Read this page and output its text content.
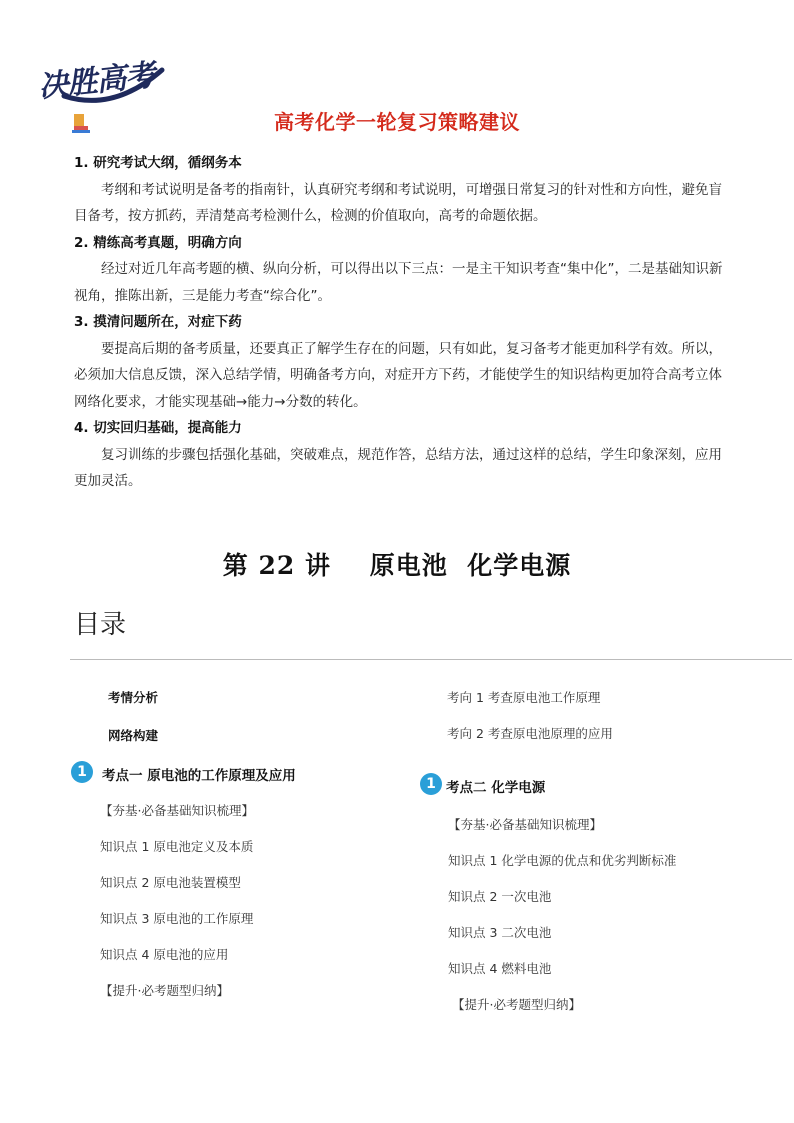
决胜高考
高考化学一轮复习策略建议
1. 研究考试大纲，循纲务本

考纲和考试说明是备考的指南针，认真研究考纲和考试说明，可增强日常复习的针对性和方向性，避免盲目备考，按方抓药，弄清楚高考检测什么，检测的价值取向，高考的命题依据。

2. 精练高考真题，明确方向

经过对近几年高考题的横、纵向分析，可以得出以下三点：一是主干知识考查“集中化”，二是基础知识新视角，推陈出新，三是能力考查“综合化”。

3. 摸清问题所在，对症下药

要提高后期的备考质量，还要真正了解学生存在的问题，只有如此，复习备考才能更加科学有效。所以，必须加大信息反馈，深入总结学情，明确备考方向，对症开方下药，才能使学生的知识结构更加符合高考立体网络化要求，才能实现基础→能力→分数的转化。

4. 切实回归基础，提高能力

复习训练的步骤包括强化基础，突破难点，规范作答，总结方法，通过这样的总结，学生印象深刻，应用更加灵活。

第 22 讲    原电池  化学电源
目录
考情分析
网络构建
1	考点一 原电池的工作原理及应用
【夯基·必备基础知识梳理】
知识点 1 原电池定义及本质
知识点 2 原电池装置模型
知识点 3 原电池的工作原理
知识点 4 原电池的应用
【提升·必考题型归纳】
考向 1 考查原电池工作原理
考向 2 考查原电池原理的应用
1 考点二 化学电源
【夯基·必备基础知识梳理】
知识点 1 化学电源的优点和优劣判断标准
知识点 2 一次电池
知识点 3 二次电池
知识点 4 燃料电池
【提升·必考题型归纳】
